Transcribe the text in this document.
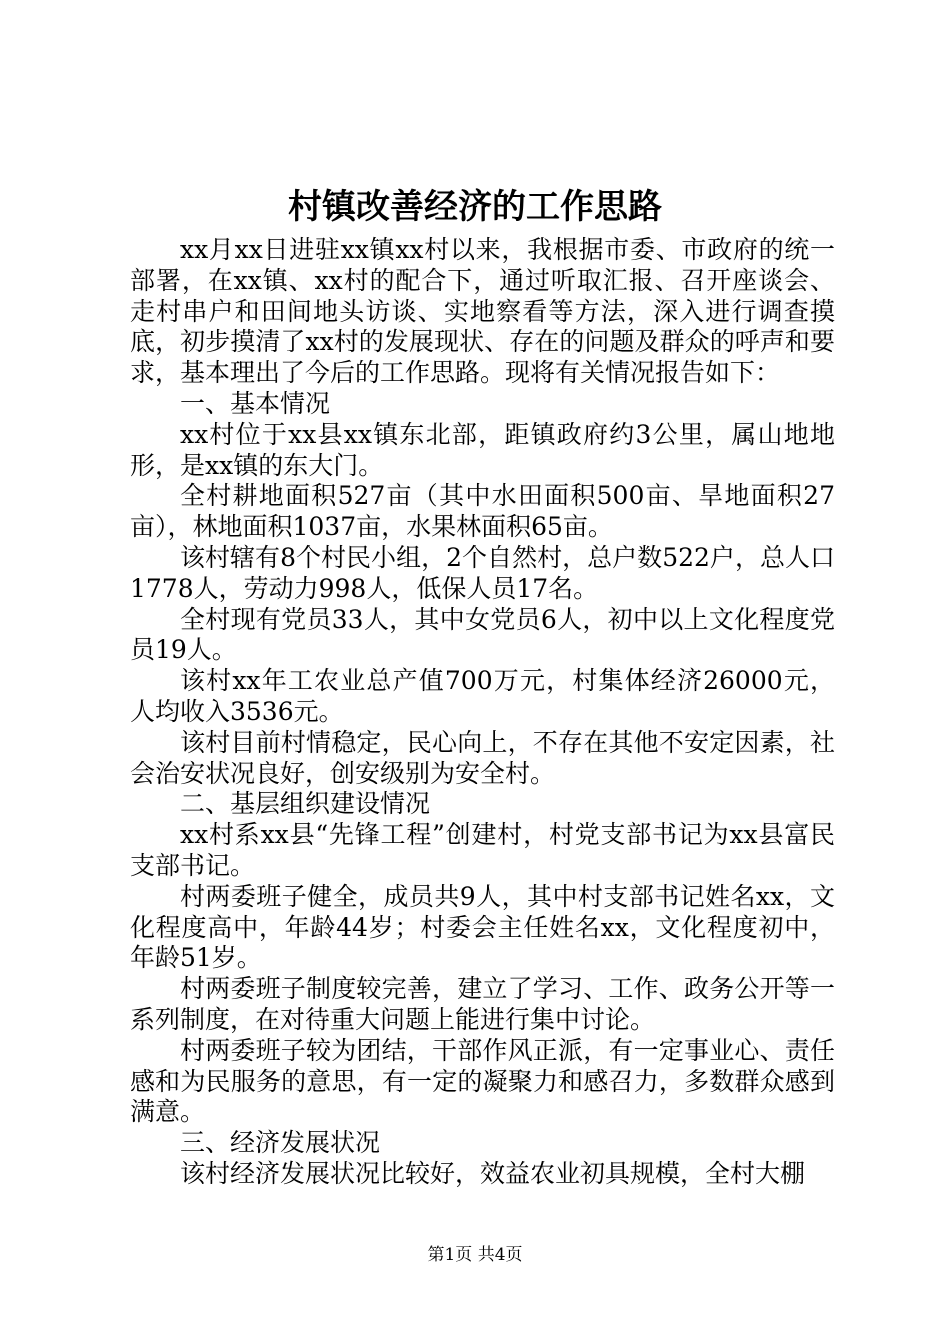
村镇改善经济的工作思路

xx月xx日进驻xx镇xx村以来，我根据市委、市政府的统一部署，在xx镇、xx村的配合下，通过听取汇报、召开座谈会、走村串户和田间地头访谈、实地察看等方法，深入进行调查摸底，初步摸清了xx村的发展现状、存在的问题及群众的呼声和要求，基本理出了今后的工作思路。现将有关情况报告如下：

一、基本情况

xx村位于xx县xx镇东北部，距镇政府约3公里，属山地地形，是xx镇的东大门。

全村耕地面积527亩（其中水田面积500亩、旱地面积27亩），林地面积1037亩，水果林面积65亩。

该村辖有8个村民小组，2个自然村，总户数522户，总人口1778人，劳动力998人，低保人员17名。

全村现有党员33人，其中女党员6人，初中以上文化程度党员19人。

该村xx年工农业总产值700万元，村集体经济26000元，人均收入3536元。

该村目前村情稳定，民心向上，不存在其他不安定因素，社会治安状况良好，创安级别为安全村。

二、基层组织建设情况

xx村系xx县“先锋工程”创建村，村党支部书记为xx县富民支部书记。

村两委班子健全，成员共9人，其中村支部书记姓名xx，文化程度高中，年龄44岁；村委会主任姓名xx，文化程度初中，年龄51岁。

村两委班子制度较完善，建立了学习、工作、政务公开等一系列制度，在对待重大问题上能进行集中讨论。

村两委班子较为团结，干部作风正派，有一定事业心、责任感和为民服务的意思，有一定的凝聚力和感召力，多数群众感到满意。

三、经济发展状况

该村经济发展状况比较好，效益农业初具规模，全村大棚

第1页 共4页
